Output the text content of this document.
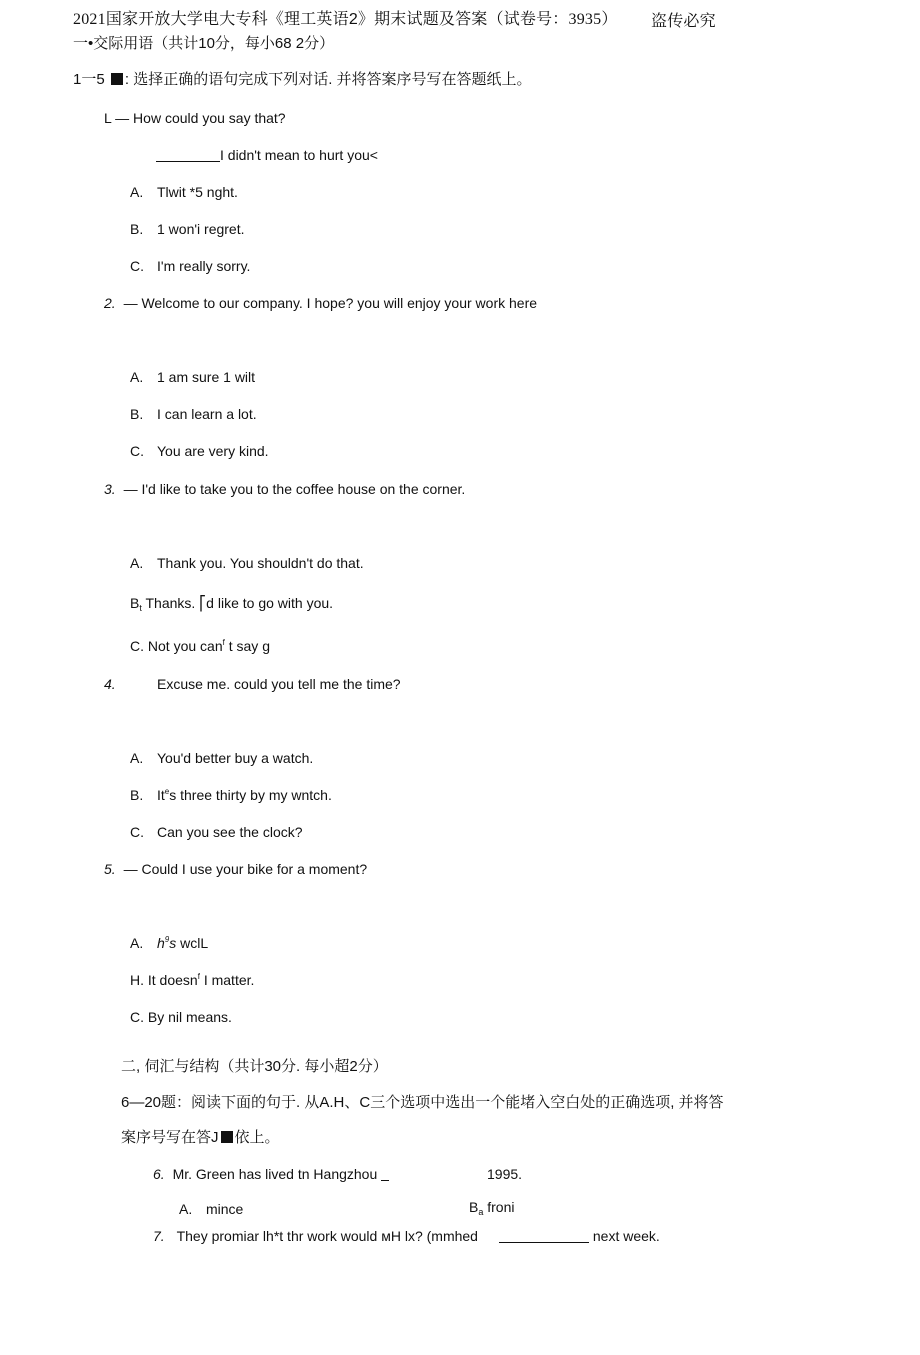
2021国家开放大学电大专科《理工英语2》期末试题及答案（试卷号：3935） 盗传必究
一•交际用语（共计10分，每小68 2分）
1一5 : 选择正确的语句完成下列对话. 并将答案序号写在答题纸上。
L — How could you say that?
I didn't mean to hurt you<
A. Tlwit *5 nght.
B. 1 won'i regret.
C. I'm really sorry.
2. — Welcome to our company. I hope? you will enjoy your work here
A. 1 am sure 1 wilt
B. I can learn a lot.
C. You are very kind.
3. — I'd like to take you to the coffee house on the corner.
A. Thank you. You shouldn't do that.
$B_t$ Thanks. ⎡d like to go with you.
C. Not you can$^f$ t say g
4.	Excuse me. could you tell me the time?
A. You'd better buy a watch.
B. It$^e$s three thirty by my wntch.
C. Can you see the clock?
5. — Could I use your bike for a moment?
A. $h^9s$ wclL
H. It doesn$^f$ I matter.
C. By nil means.
二, 伺汇与结构（共计30分. 每小超2分）
6—20题：阅读下面的句于. 从A.H、C三个选项中选出一个能堵入空白处的正确选项, 并将答
案序号写在答J 依上。
6. Mr. Green has lived tn Hangzhou	1995.
A. mince	$B_a$ froni
7. They promiar lh*t thr work would ᴍH lx? (mmhed	next week.
